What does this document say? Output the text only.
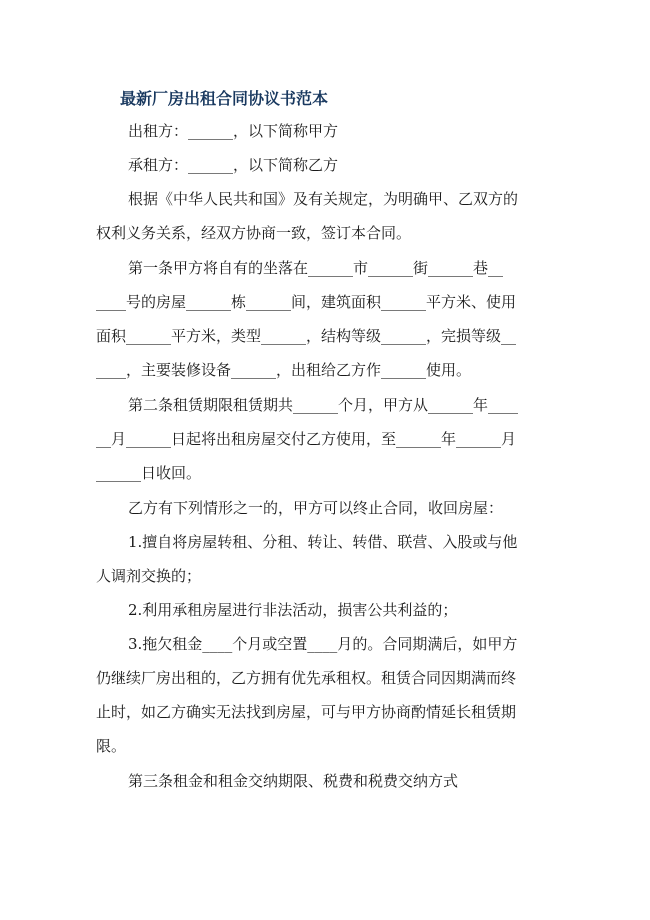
最新厂房出租合同协议书范本
出租方：______，以下简称甲方
承租方：______，以下简称乙方
根据《中华人民共和国》及有关规定，为明确甲、乙双方的
权利义务关系，经双方协商一致，签订本合同。
第一条甲方将自有的坐落在______市______街______巷__
____号的房屋______栋______间，建筑面积______平方米、使用
面积______平方米，类型______，结构等级______，完损等级__
____，主要装修设备______，出租给乙方作______使用。
第二条租赁期限租赁期共______个月，甲方从______年____
__月______日起将出租房屋交付乙方使用，至______年______月
______日收回。
乙方有下列情形之一的，甲方可以终止合同，收回房屋：
1.擅自将房屋转租、分租、转让、转借、联营、入股或与他
人调剂交换的；
2.利用承租房屋进行非法活动，损害公共利益的；
3.拖欠租金____个月或空置____月的。合同期满后，如甲方
仍继续厂房出租的，乙方拥有优先承租权。租赁合同因期满而终
止时，如乙方确实无法找到房屋，可与甲方协商酌情延长租赁期
限。
第三条租金和租金交纳期限、税费和税费交纳方式
